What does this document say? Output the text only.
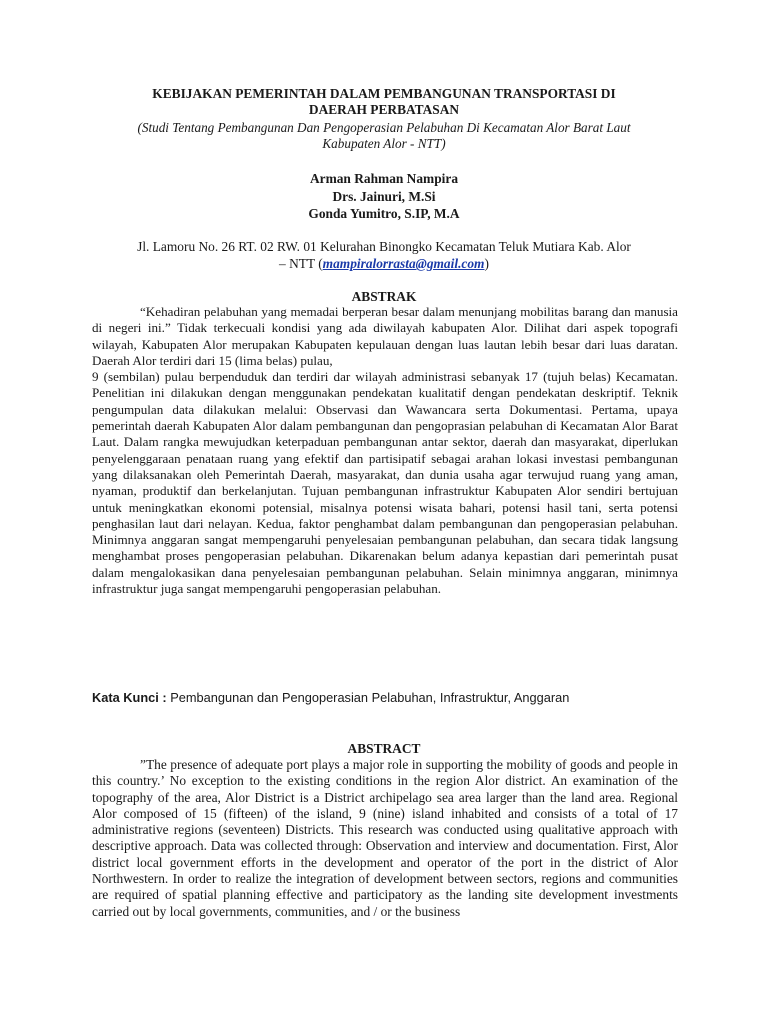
KEBIJAKAN PEMERINTAH DALAM PEMBANGUNAN TRANSPORTASI DI
DAERAH PERBATASAN
(Studi Tentang Pembangunan Dan Pengoperasian Pelabuhan Di Kecamatan Alor Barat Laut
Kabupaten Alor - NTT)
Arman Rahman Nampira
Drs. Jainuri, M.Si
Gonda Yumitro, S.IP, M.A
Jl. Lamoru No. 26 RT. 02 RW. 01 Kelurahan Binongko Kecamatan Teluk Mutiara Kab. Alor
– NTT (mampiralorrasta@gmail.com)
ABSTRAK

“Kehadiran pelabuhan yang memadai berperan besar dalam menunjang mobilitas barang dan manusia di negeri ini.” Tidak terkecuali kondisi yang ada diwilayah kabupaten Alor. Dilihat dari aspek topografi wilayah, Kabupaten Alor merupakan Kabupaten kepulauan dengan luas lautan lebih besar dari luas daratan. Daerah Alor terdiri dari 15 (lima belas) pulau,

9 (sembilan) pulau berpenduduk dan terdiri dar wilayah administrasi sebanyak 17 (tujuh belas) Kecamatan. Penelitian ini dilakukan dengan menggunakan pendekatan kualitatif dengan pendekatan deskriptif. Teknik pengumpulan data dilakukan melalui: Observasi dan Wawancara serta Dokumentasi. Pertama, upaya pemerintah daerah Kabupaten Alor dalam pembangunan dan pengoprasian pelabuhan di Kecamatan Alor Barat Laut. Dalam rangka mewujudkan keterpaduan pembangunan antar sektor, daerah dan masyarakat, diperlukan penyelenggaraan penataan ruang yang efektif dan partisipatif sebagai arahan lokasi investasi pembangunan yang dilaksanakan oleh Pemerintah Daerah, masyarakat, dan dunia usaha agar terwujud ruang yang aman, nyaman, produktif dan berkelanjutan. Tujuan pembangunan infrastruktur Kabupaten Alor sendiri bertujuan untuk meningkatkan ekonomi potensial, misalnya potensi wisata bahari, potensi hasil tani, serta potensi penghasilan laut dari nelayan. Kedua, faktor penghambat dalam pembangunan dan pengoperasian pelabuhan. Minimnya anggaran sangat mempengaruhi penyelesaian pembangunan pelabuhan, dan secara tidak langsung menghambat proses pengoperasian pelabuhan. Dikarenakan belum adanya kepastian dari pemerintah pusat dalam mengalokasikan dana penyelesaian pembangunan pelabuhan. Selain minimnya anggaran, minimnya infrastruktur juga sangat mempengaruhi pengoperasian pelabuhan.

Kata Kunci : Pembangunan dan Pengoperasian Pelabuhan, Infrastruktur, Anggaran
ABSTRACT

”The presence of adequate port plays a major role in supporting the mobility of goods and people in this country.’ No exception to the existing conditions in the region Alor district. An examination of the topography of the area, Alor District is a District archipelago sea area larger than the land area. Regional Alor composed of 15 (fifteen) of the island, 9 (nine) island inhabited and consists of a total of 17 administrative regions (seventeen) Districts. This research was conducted using qualitative approach with descriptive approach. Data was collected through: Observation and interview and documentation. First, Alor district local government efforts in the development and operator of the port in the district of Alor Northwestern. In order to realize the integration of development between sectors, regions and communities are required of spatial planning effective and participatory as the landing site development investments carried out by local governments, communities, and / or the business
